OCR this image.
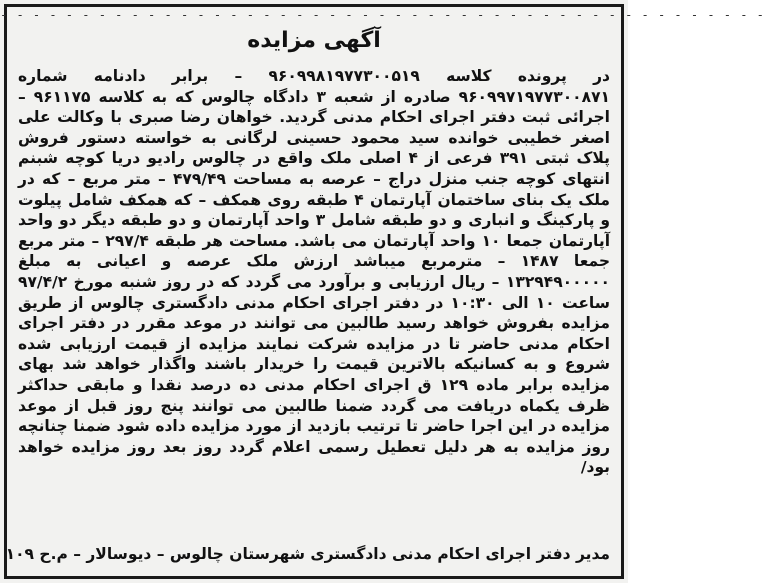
- - - - - - - - - - - - - - - - - - - - - - - - - - - - - - - - - - - - - - - - - - - - - - -
آگهی مزایده

در پرونده کلاسه ۹۶۰۹۹۸۱۹۷۷۳۰۰۵۱۹ – برابر دادنامه شماره ۹۶۰۹۹۷۱۹۷۷۳۰۰۸۷۱ صادره از شعبه ۳ دادگاه چالوس که به کلاسه ۹۶۱۱۷۵ – اجرائی ثبت دفتر اجرای احکام مدنی گردید. خواهان رضا صبری با وکالت علی اصغر خطیبی خوانده سید محمود حسینی لرگانی به خواسته دستور فروش پلاک ثبتی ۳۹۱ فرعی از ۴ اصلی ملک واقع در چالوس رادیو دریا کوچه شبنم انتهای کوچه جنب منزل دراج – عرصه به مساحت ۴۷۹/۴۹ – متر مربع – که در ملک یک بنای ساختمان آپارتمان ۴ طبقه روی همکف – که همکف شامل پیلوت و پارکینگ و انباری و دو طبقه شامل ۳ واحد آپارتمان و دو طبقه دیگر دو واحد آپارتمان جمعا ۱۰ واحد آپارتمان می باشد. مساحت هر طبقه ۲۹۷/۴ – متر مربع جمعا ۱۴۸۷ – مترمربع میباشد ارزش ملک عرصه و اعیانی به مبلغ ۱۳۲۹۴۹۰۰۰۰۰ – ریال ارزیابی و برآورد می گردد که در روز شنبه مورخ ۹۷/۴/۲ ساعت ۱۰ الی ۱۰:۳۰ در دفتر اجرای احکام مدنی دادگستری چالوس از طریق مزایده بفروش خواهد رسید طالبین می توانند در موعد مقرر در دفتر اجرای احکام مدنی حاضر تا در مزایده شرکت نمایند مزایده از قیمت ارزیابی شده شروع و به کسانیکه بالاترین قیمت را خریدار باشند واگذار خواهد شد بهای مزایده برابر ماده ۱۲۹ ق اجرای احکام مدنی ده درصد نقدا و مابقی حداکثر ظرف یکماه دریافت می گردد ضمنا طالبین می توانند پنج روز قبل از موعد مزایده در این اجرا حاضر تا ترتیب بازدید از مورد مزایده داده شود ضمنا چنانچه روز مزایده به هر دلیل تعطیل رسمی اعلام گردد روز بعد روز مزایده خواهد بود/

مدیر دفتر اجرای احکام مدنی دادگستری شهرستان چالوس – دیوسالار – م.ح ۱۰۹
